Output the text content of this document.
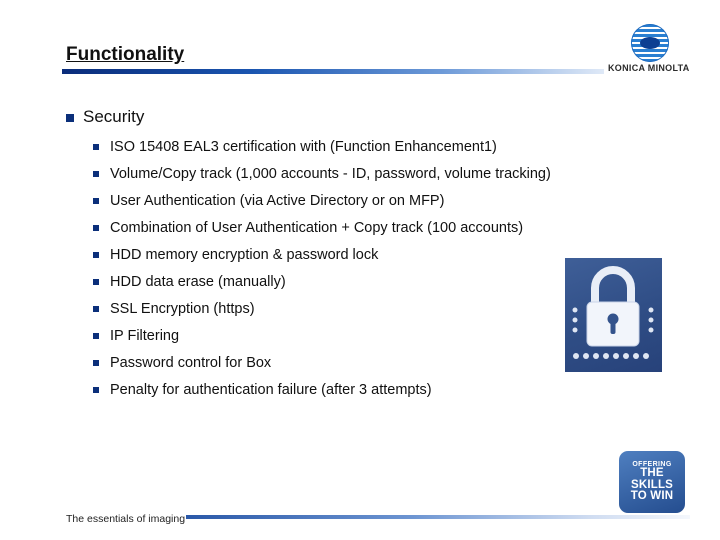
Functionality
KONICA MINOLTA
Security
ISO 15408 EAL3 certification with (Function Enhancement1)
Volume/Copy track (1,000 accounts - ID, password, volume tracking)
User Authentication (via Active Directory or on MFP)
Combination of User Authentication + Copy track (100 accounts)
HDD memory encryption & password lock
HDD data erase (manually)
SSL Encryption (https)
IP Filtering
Password control for Box
Penalty for authentication failure (after 3 attempts)
OFFERING
THE SKILLS
TO WIN
The essentials of imaging
